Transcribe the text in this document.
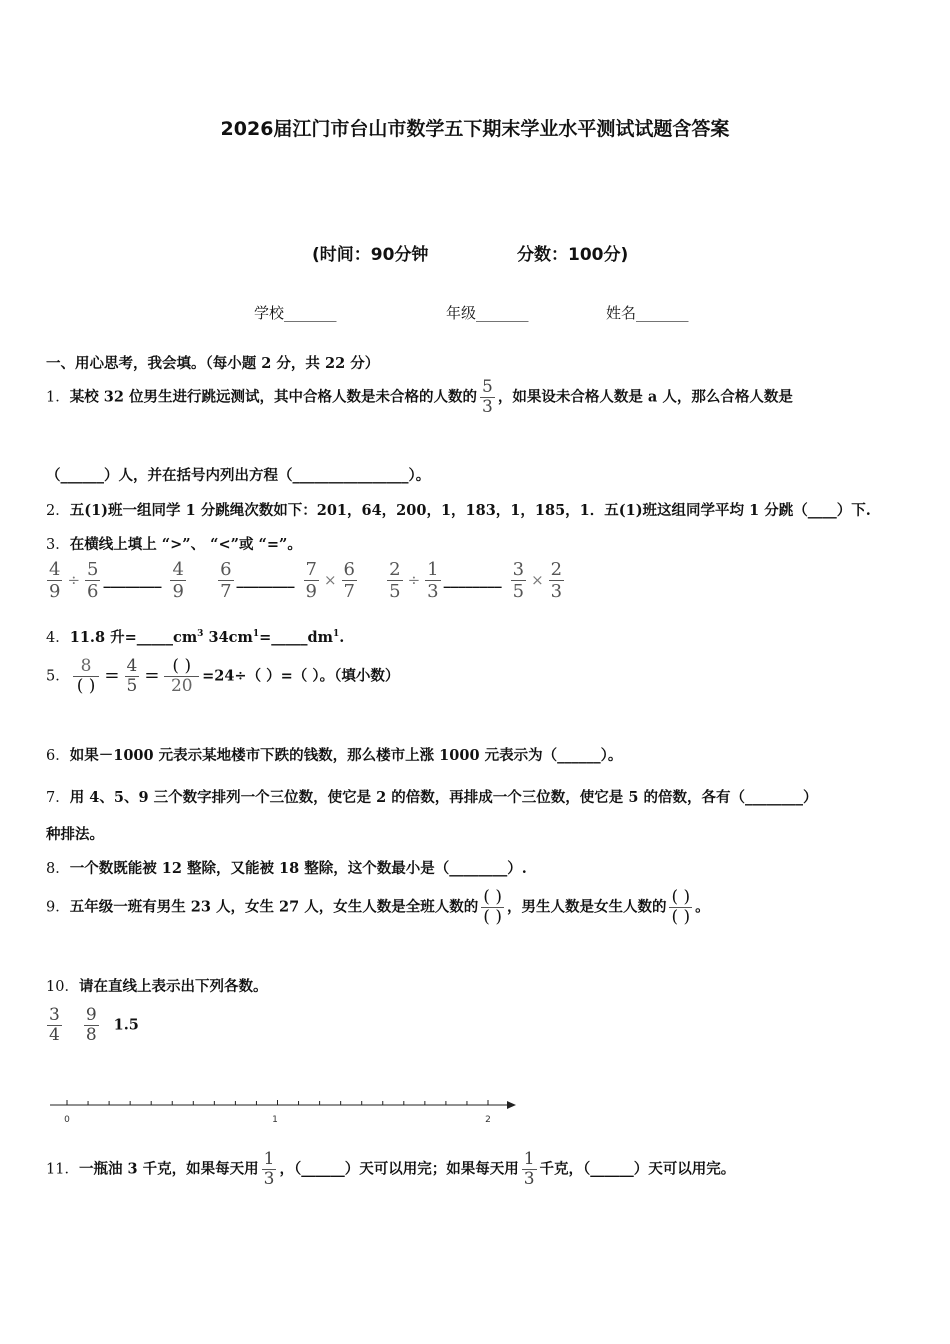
2026届江门市台山市数学五下期末学业水平测试试题含答案
(时间：90分钟	分数：100分)
学校_______	年级_______	姓名_______
一、用心思考，我会填。（每小题 2 分，共 22 分）
1．某校 32 位男生进行跳远测试，其中合格人数是未合格的人数的 $\frac{5}{3}$ ，如果设未合格人数是 a 人，那么合格人数是
（______）人，并在括号内列出方程（________________）。
2．五(1)班一组同学 1 分跳绳次数如下：201，64，200，1，183，1，185，1．五(1)班这组同学平均 1 分跳（____）下.
3．在横线上填上 “>”、 “<”或 “=”。
$\frac{4}{9} \div \frac{5}{6}$ ________ $\frac{4}{9}$
$\frac{6}{7}$ ________ $\frac{7}{9} \times \frac{6}{7}$
$\frac{2}{5} \div \frac{1}{3}$ ________ $\frac{3}{5} \times \frac{2}{3}$
4．11.8 升$=\_\_\_\_\_cm^3$ $34cm^1=\_\_\_\_\_dm^1$.
5． $\frac{8}{( )} = \frac{4}{5} = \frac{( )}{20} =24\div$（ ）=（ ）。（填小数）
6．如果－1000 元表示某地楼市下跌的钱数，那么楼市上涨 1000 元表示为（______）。
7．用 4、5、9 三个数字排列一个三位数，使它是 2 的倍数，再排成一个三位数，使它是 5 的倍数，各有（________）
种排法。
8．一个数既能被 12 整除，又能被 18 整除，这个数最小是（________）.
9．五年级一班有男生 23 人，女生 27 人，女生人数是全班人数的 $\frac{( )}{( )}$ ，男生人数是女生人数的 $\frac{( )}{( )}$ 。
10．请在直线上表示出下列各数。
$\frac{3}{4} \frac{9}{8} 1.5$
0	1	2
11．一瓶油 3 千克，如果每天用 $\frac{1}{3}$ ，（______）天可以用完；如果每天用 $\frac{1}{3}$ 千克，（______）天可以用完。
